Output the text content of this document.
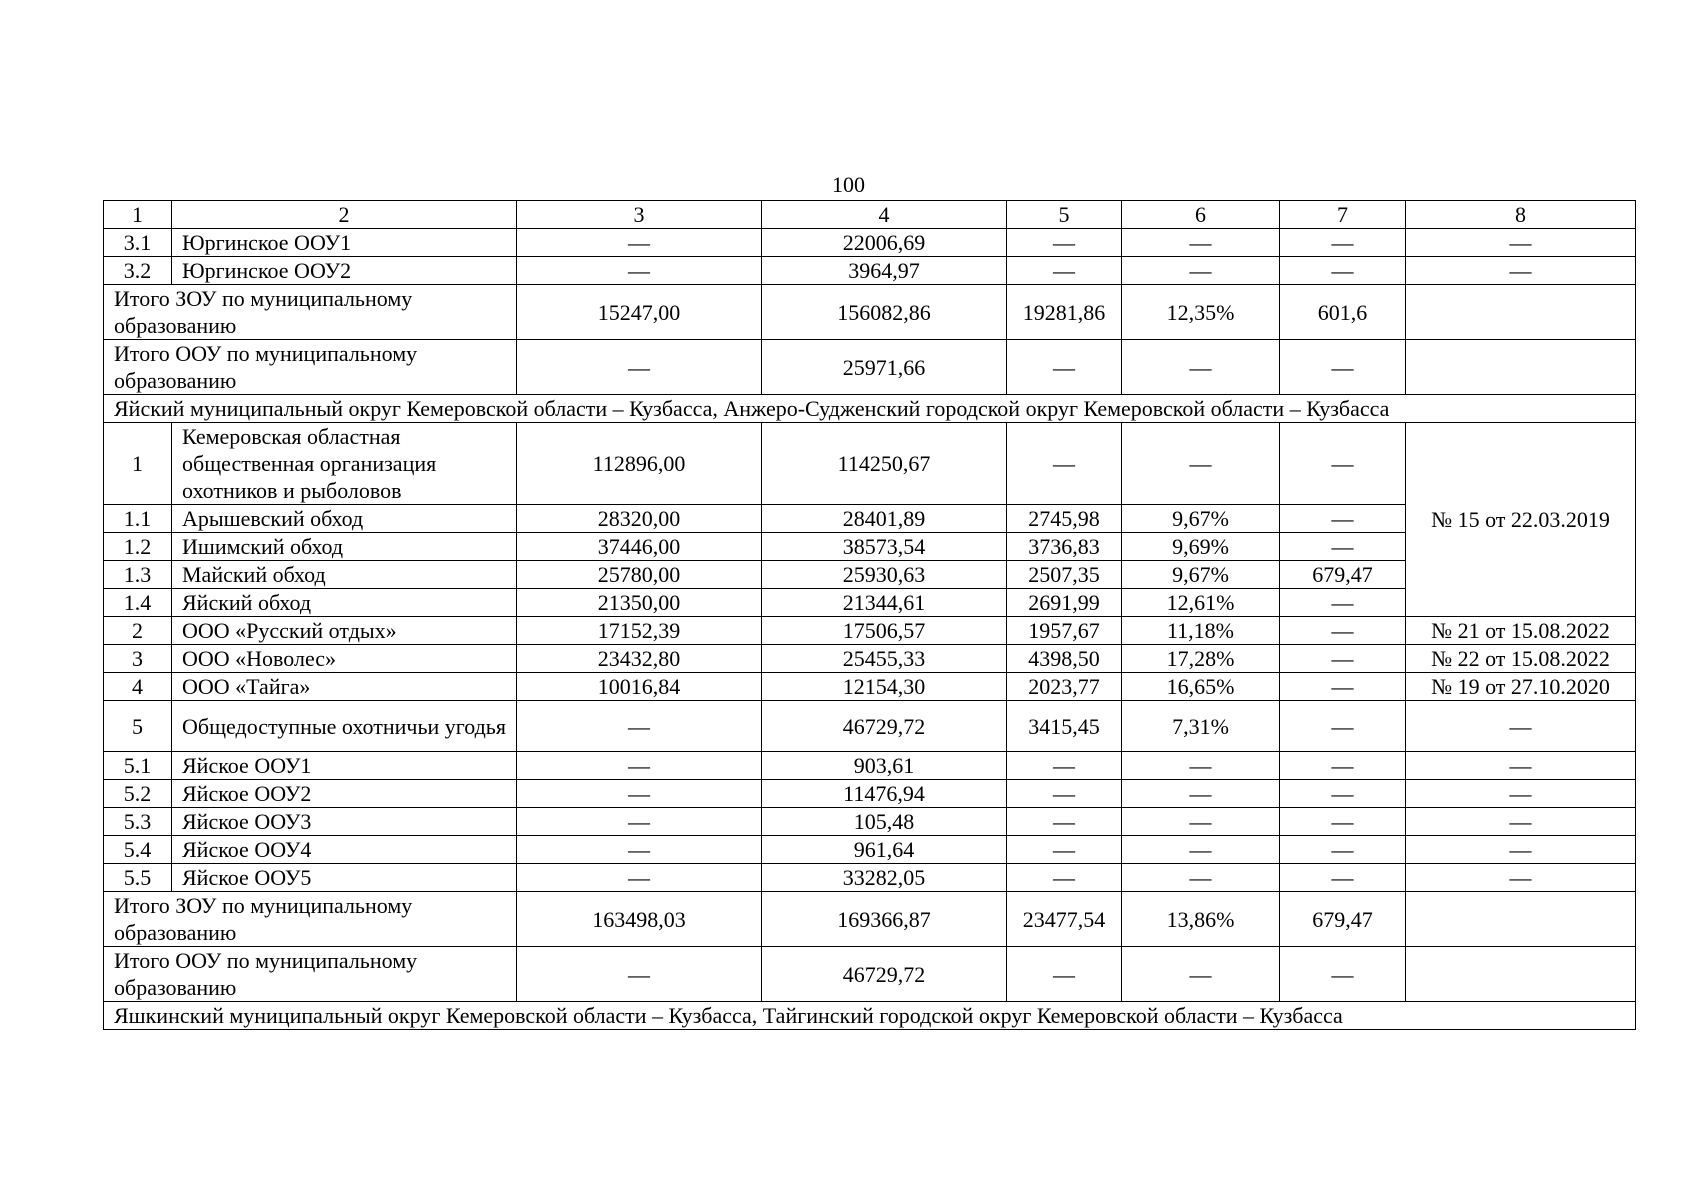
100
1	2	3	4	5	6	7	8
3.1	Юргинское ООУ1	—	22006,69	—	—	—	—
3.2	Юргинское ООУ2	—	3964,97	—	—	—	—
Итого ЗОУ по муниципальному образованию		15247,00	156082,86	19281,86	12,35%	601,6	
Итого ООУ по муниципальному образованию		—	25971,66	—	—	—	
Яйский муниципальный округ Кемеровской области – Кузбасса, Анжеро-Судженский городской округ Кемеровской области – Кузбасса							
1	Кемеровская областная общественная организация охотников и рыболовов	112896,00	114250,67	—	—	—	№ 15 от 22.03.2019
1.1	Арышевский обход	28320,00	28401,89	2745,98	9,67%	—	
1.2	Ишимский обход	37446,00	38573,54	3736,83	9,69%	—	
1.3	Майский обход	25780,00	25930,63	2507,35	9,67%	679,47	
1.4	Яйский обход	21350,00	21344,61	2691,99	12,61%	—	
2	ООО «Русский отдых»	17152,39	17506,57	1957,67	11,18%	—	№ 21 от 15.08.2022
3	ООО «Новолес»	23432,80	25455,33	4398,50	17,28%	—	№ 22 от 15.08.2022
4	ООО «Тайга»	10016,84	12154,30	2023,77	16,65%	—	№ 19 от 27.10.2020
5	Общедоступные охотничьи угодья	—	46729,72	3415,45	7,31%	—	—
5.1	Яйское ООУ1	—	903,61	—	—	—	—
5.2	Яйское ООУ2	—	11476,94	—	—	—	—
5.3	Яйское ООУ3	—	105,48	—	—	—	—
5.4	Яйское ООУ4	—	961,64	—	—	—	—
5.5	Яйское ООУ5	—	33282,05	—	—	—	—
Итого ЗОУ по муниципальному образованию		163498,03	169366,87	23477,54	13,86%	679,47	
Итого ООУ по муниципальному образованию		—	46729,72	—	—	—	
Яшкинский муниципальный округ Кемеровской области – Кузбасса, Тайгинский городской округ Кемеровской области – Кузбасса							
